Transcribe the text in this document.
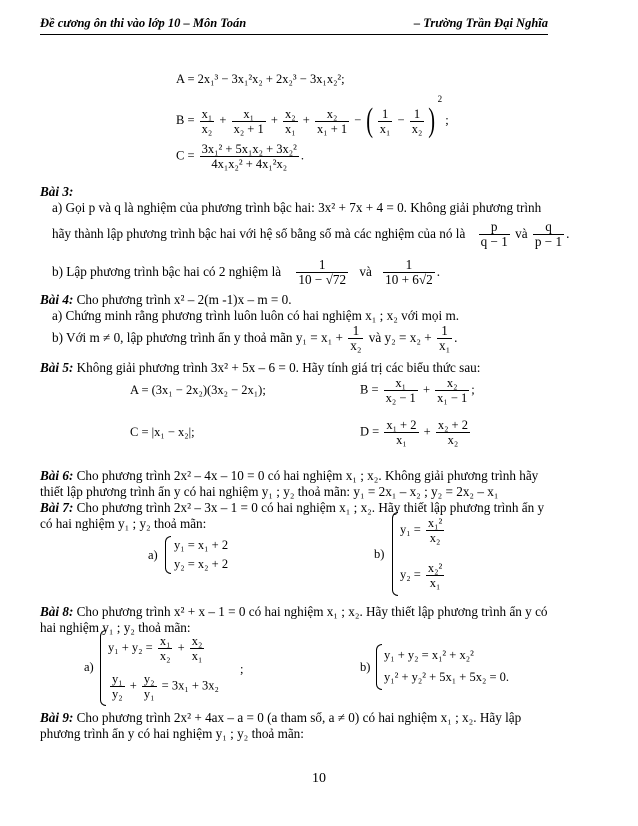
Đề cương ôn thi vào lớp 10 – Môn Toán	– Trường Trần Đại Nghĩa
A = 2x₁³ − 3x₁²x₂ + 2x₂³ − 3x₁x₂²;
$B = \frac{\text{x₁}}{\text{x₂}} + \frac{\text{x₁}}{\text{x₂ + 1}} + \frac{\text{x₂}}{\text{x₁}} + \frac{\text{x₂}}{\text{x₁ + 1}}$ − ( $\frac{1}{\text{x₁}} - \frac{1}{\text{x₂}} )^2$ ;
$C = \frac{\text{3x₁² + 5x₁x₂ + 3x₂²}}{\text{4x₁x₂² + 4x₁²x₂}}$ .
Bài 3:
a) Gọi p và q là nghiệm của phương trình bậc hai: 3x² + 7x + 4 = 0. Không giải phương trình
hãy thành lập phương trình bậc hai với hệ số bằng số mà các nghiệm của nó là $\frac{p}{q - 1}$ và $\frac{q}{p - 1}$ .
b) Lập phương trình bậc hai có 2 nghiệm là $\frac{1}{10 - √72}$ và $\frac{1}{10 + 6√2}$ .
Bài 4: Cho phương trình x² – 2(m -1)x – m = 0.
a) Chứng minh rằng phương trình luôn luôn có hai nghiệm x₁ ; x₂ với mọi m.
b) Với m ≠ 0, lập phương trình ẩn y thoả mãn $y_1 = x_1 + \frac{1}{\text{x₂}}$ và $y_2 = x_2 + \frac{1}{\text{x₁}}$ .
Bài 5: Không giải phương trình 3x² + 5x – 6 = 0. Hãy tính giá trị các biểu thức sau:
A = (3x₁ − 2x₂)(3x₂ − 2x₁);	$B = \frac{\text{x₁}}{\text{x₂ − 1}} + \frac{\text{x₂}}{\text{x₁ − 1}}$ ;
C = |x₁ − x₂|;	$D = \frac{\text{x₁ + 2}}{\text{x₁}} + \frac{\text{x₂ + 2}}{\text{x₂}}$
Bài 6: Cho phương trình 2x² – 4x – 10 = 0 có hai nghiệm x₁ ; x₂. Không giải phương trình hãy
thiết lập phương trình ẩn y có hai nghiệm y₁ ; y₂ thoả mãn: y₁ = 2x₁ – x₂ ; y₂ = 2x₂ – x₁
Bài 7: Cho phương trình 2x² – 3x – 1 = 0 có hai nghiệm x₁ ; x₂. Hãy thiết lập phương trình ẩn y
có hai nghiệm y₁ ; y₂ thoả mãn:
a)
y₁ = x₁ + 2
y₂ = x₂ + 2
b)
$y_1 = \frac{\text{x₁²}}{\text{x₂}}$
$y_2 = \frac{\text{x₂²}}{\text{x₁}}$
Bài 8: Cho phương trình x² + x – 1 = 0 có hai nghiệm x₁ ; x₂. Hãy thiết lập phương trình ẩn y có
hai nghiệm y₁ ; y₂ thoả mãn:
a)
$y_1 + y_2 = \frac{\text{x₁}}{\text{x₂}} + \frac{\text{x₂}}{\text{x₁}}$
$\frac{\text{y₁}}{\text{y₂}} + \frac{\text{y₂}}{\text{y₁}} = 3x_1 + 3x_2$
;	b)
y₁ + y₂ = x₁² + x₂²
y₁² + y₂² + 5x₁ + 5x₂ = 0.
Bài 9: Cho phương trình 2x² + 4ax – a = 0 (a tham số, a ≠ 0) có hai nghiệm x₁ ; x₂. Hãy lập
phương trình ẩn y có hai nghiệm y₁ ; y₂ thoả mãn:
10
